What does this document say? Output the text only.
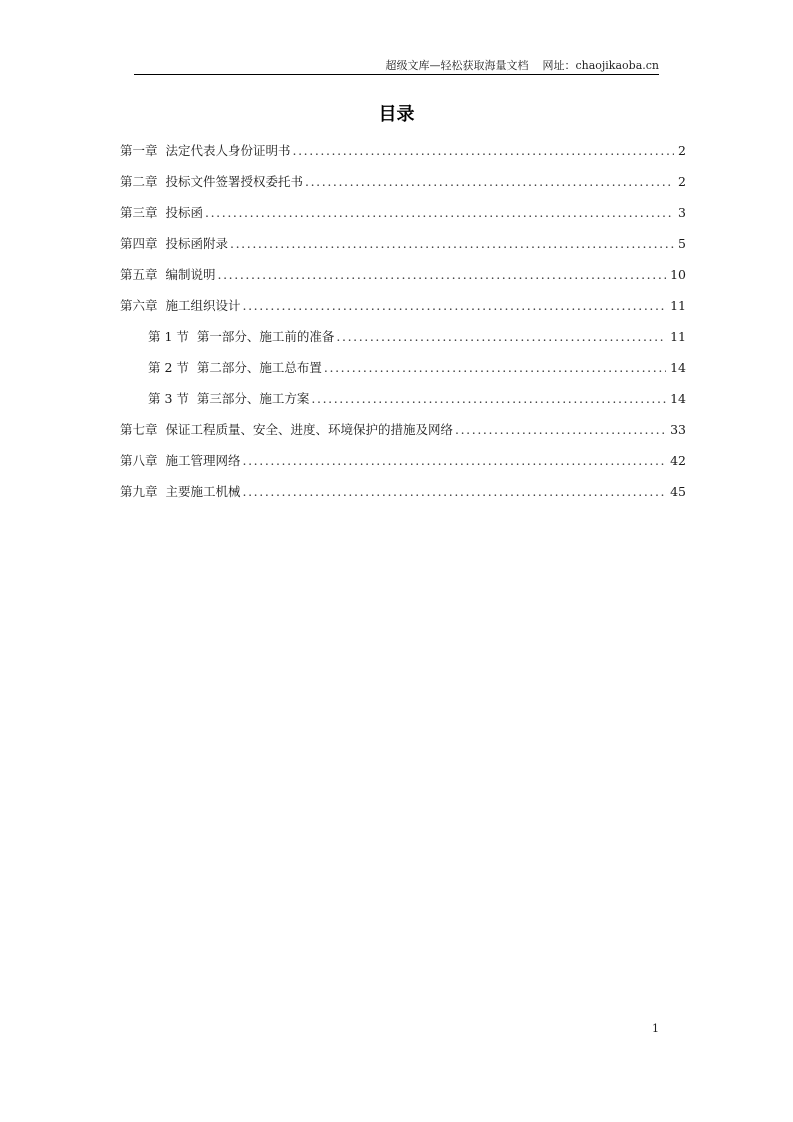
超级文库—轻松获取海量文档 网址：chaojikaoba.cn
目录
第一章 法定代表人身份证明书 .....	2
第二章 投标文件签署授权委托书 .....	2
第三章 投标函 .....	3
第四章 投标函附录 .....	5
第五章 编制说明 .....	10
第六章 施工组织设计 .....	11
第 1 节 第一部分、施工前的准备 .....	11
第 2 节 第二部分、施工总布置 .....	14
第 3 节 第三部分、施工方案 .....	14
第七章 保证工程质量、安全、进度、环境保护的措施及网络 .....	33
第八章 施工管理网络 .....	42
第九章 主要施工机械 .....	45
1
